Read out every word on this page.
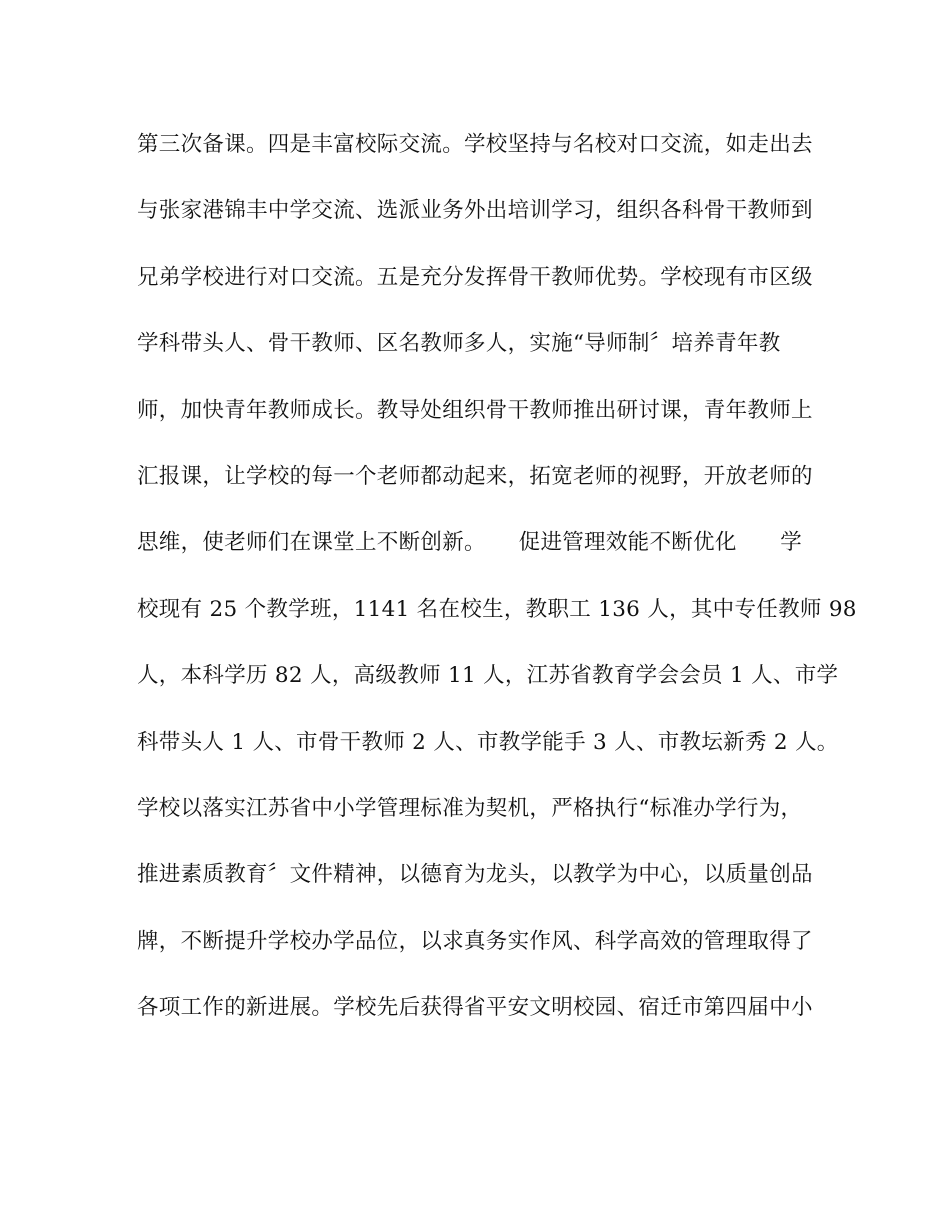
第三次备课。四是丰富校际交流。学校坚持与名校对口交流，如走出去
与张家港锦丰中学交流、选派业务外出培训学习，组织各科骨干教师到
兄弟学校进行对口交流。五是充分发挥骨干教师优势。学校现有市区级
学科带头人、骨干教师、区名教师多人，实施“导师制〞培养青年教
师，加快青年教师成长。教导处组织骨干教师推出研讨课，青年教师上
汇报课，让学校的每一个老师都动起来，拓宽老师的视野，开放老师的
思维，使老师们在课堂上不断创新。　　促进管理效能不断优化　　学
校现有 25 个教学班，1141 名在校生，教职工 136 人，其中专任教师 98
人，本科学历 82 人，高级教师 11 人，江苏省教育学会会员 1 人、市学
科带头人 1 人、市骨干教师 2 人、市教学能手 3 人、市教坛新秀 2 人。
学校以落实江苏省中小学管理标准为契机，严格执行“标准办学行为，
推进素质教育〞文件精神，以德育为龙头，以教学为中心，以质量创品
牌，不断提升学校办学品位，以求真务实作风、科学高效的管理取得了
各项工作的新进展。学校先后获得省平安文明校园、宿迁市第四届中小
